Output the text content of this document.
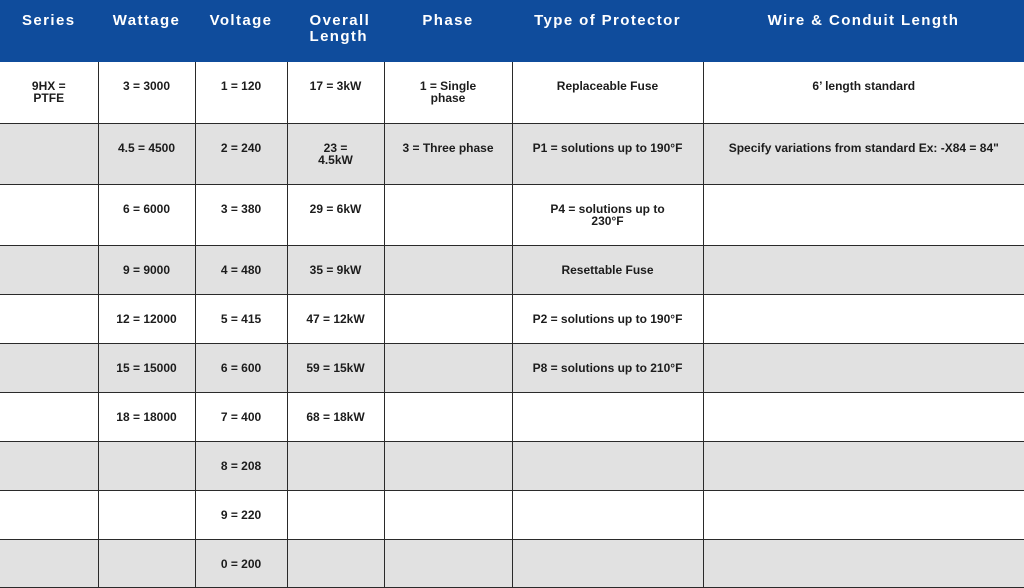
Series	Wattage	Voltage	Overall Length	Phase	Type of Protector	Wire & Conduit Length
9HX = PTFE	3 = 3000	1 = 120	17 = 3kW	1 = Single phase	Replaceable Fuse	6’ length standard
	4.5 = 4500	2 = 240	23 = 4.5kW	3 = Three phase	P1 = solutions up to 190°F	Specify variations from standard Ex: -X84 = 84"
	6 = 6000	3 = 380	29 = 6kW		P4 = solutions up to 230°F	
	9 = 9000	4 = 480	35 = 9kW		Resettable Fuse	
	12 = 12000	5 = 415	47 = 12kW		P2 = solutions up to 190°F	
	15 = 15000	6 = 600	59 = 15kW		P8 = solutions up to 210°F	
	18 = 18000	7 = 400	68 = 18kW			
		8 = 208				
		9 = 220				
		0 = 200				
